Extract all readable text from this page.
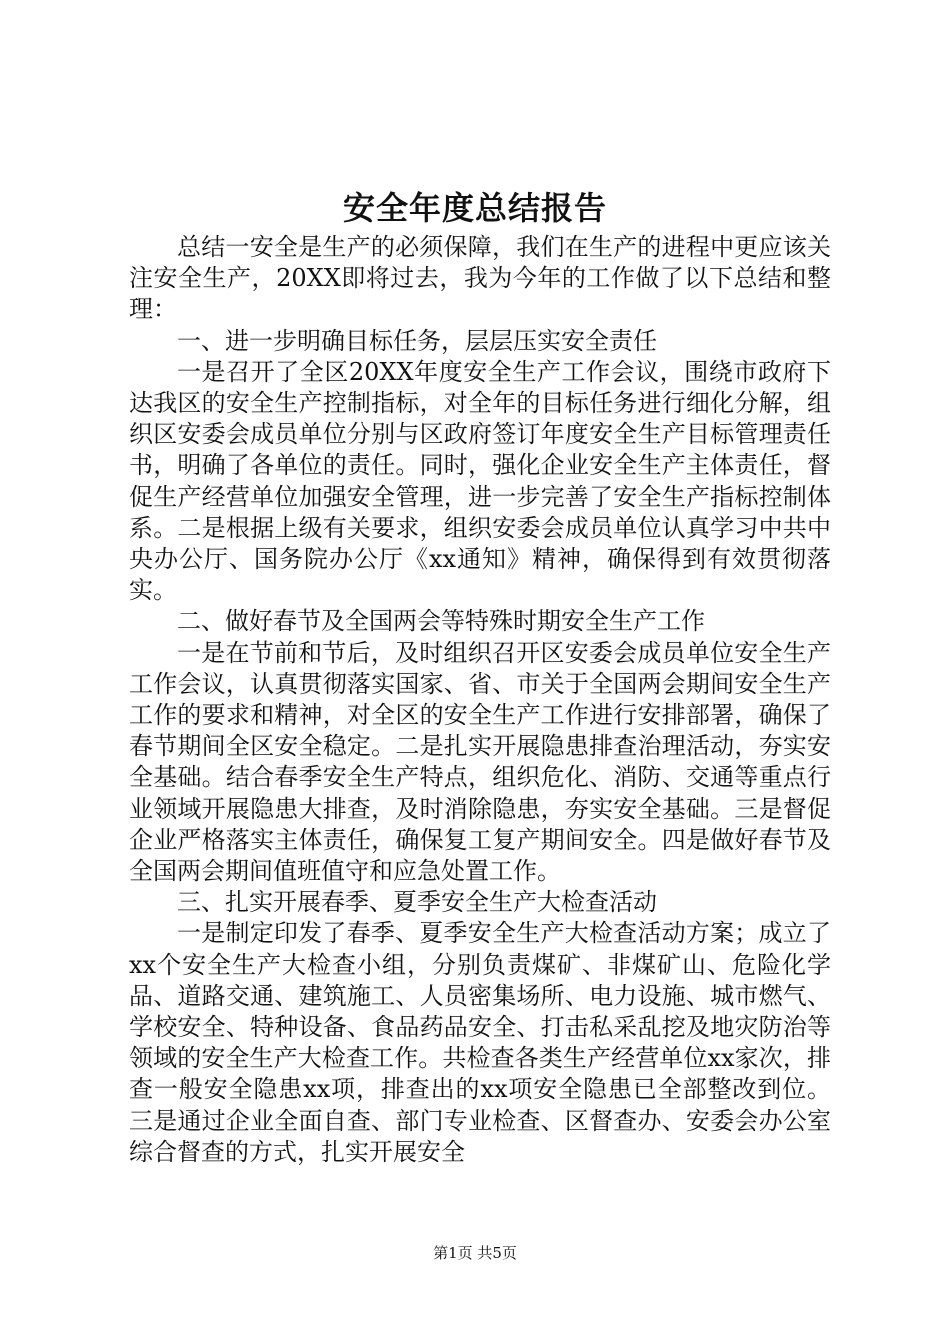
安全年度总结报告

总结一安全是生产的必须保障，我们在生产的进程中更应该关注安全生产，20XX即将过去，我为今年的工作做了以下总结和整理：

一、进一步明确目标任务，层层压实安全责任

一是召开了全区20XX年度安全生产工作会议，围绕市政府下达我区的安全生产控制指标，对全年的目标任务进行细化分解，组织区安委会成员单位分别与区政府签订年度安全生产目标管理责任书，明确了各单位的责任。同时，强化企业安全生产主体责任，督促生产经营单位加强安全管理，进一步完善了安全生产指标控制体系。二是根据上级有关要求，组织安委会成员单位认真学习中共中央办公厅、国务院办公厅《xx通知》精神，确保得到有效贯彻落实。

二、做好春节及全国两会等特殊时期安全生产工作

一是在节前和节后，及时组织召开区安委会成员单位安全生产工作会议，认真贯彻落实国家、省、市关于全国两会期间安全生产工作的要求和精神，对全区的安全生产工作进行安排部署，确保了春节期间全区安全稳定。二是扎实开展隐患排查治理活动，夯实安全基础。结合春季安全生产特点，组织危化、消防、交通等重点行业领域开展隐患大排查，及时消除隐患，夯实安全基础。三是督促企业严格落实主体责任，确保复工复产期间安全。四是做好春节及全国两会期间值班值守和应急处置工作。

三、扎实开展春季、夏季安全生产大检查活动

一是制定印发了春季、夏季安全生产大检查活动方案；成立了xx个安全生产大检查小组，分别负责煤矿、非煤矿山、危险化学品、道路交通、建筑施工、人员密集场所、电力设施、城市燃气、学校安全、特种设备、食品药品安全、打击私采乱挖及地灾防治等领域的安全生产大检查工作。共检查各类生产经营单位xx家次，排查一般安全隐患xx项，排查出的xx项安全隐患已全部整改到位。三是通过企业全面自查、部门专业检查、区督查办、安委会办公室综合督查的方式，扎实开展安全

第1页 共5页
